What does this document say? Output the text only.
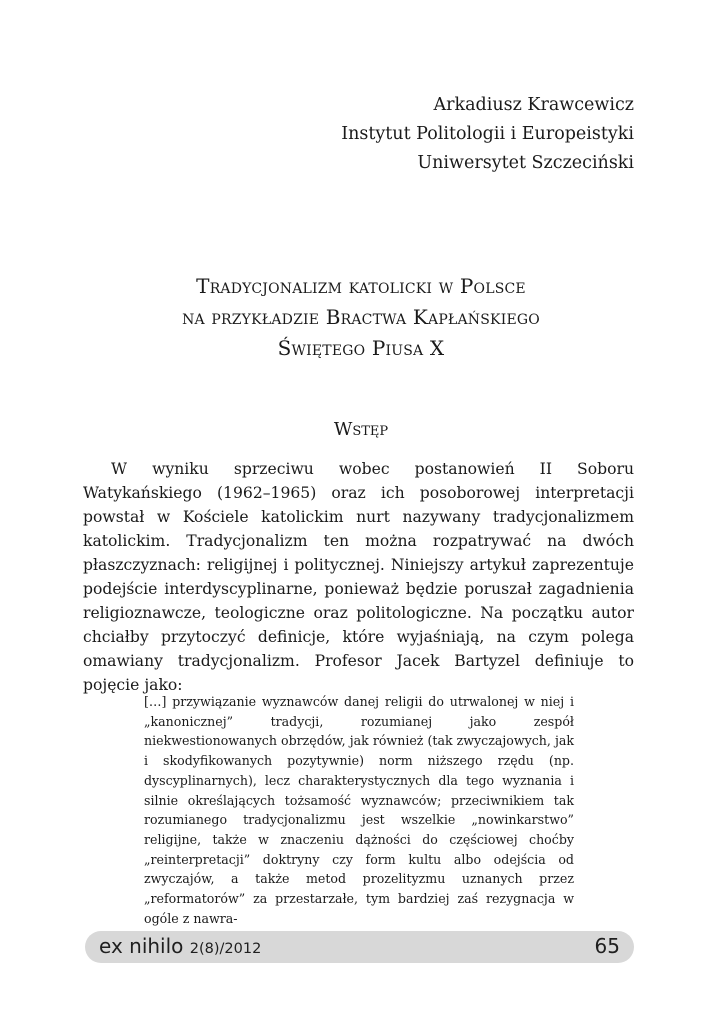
Arkadiusz Krawcewicz
Instytut Politologii i Europeistyki
Uniwersytet Szczeciński
Tradycjonalizm katolicki w Polsce
na przykładzie Bractwa Kapłańskiego
Świętego Piusa X
Wstęp

W wyniku sprzeciwu wobec postanowień II Soboru Watykańskiego (1962–1965) oraz ich posoborowej interpretacji powstał w Kościele katolickim nurt nazywany tradycjonalizmem katolickim. Tradycjonalizm ten można rozpatrywać na dwóch płaszczyznach: religijnej i politycznej. Niniejszy artykuł zaprezentuje podejście interdyscyplinarne, ponieważ będzie poruszał zagadnienia religioznawcze, teologiczne oraz politologiczne. Na początku autor chciałby przytoczyć definicje, które wyjaśniają, na czym polega omawiany tradycjonalizm. Profesor Jacek Bartyzel definiuje to pojęcie jako:

[…] przywiązanie wyznawców danej religii do utrwalonej w niej i „kanonicznej” tradycji, rozumianej jako zespół niekwestionowanych obrzędów, jak również (tak zwyczajowych, jak i skodyfikowanych pozytywnie) norm niższego rzędu (np. dyscyplinarnych), lecz charakterystycznych dla tego wyznania i silnie określających tożsamość wyznawców; przeciwnikiem tak rozumianego tradycjonalizmu jest wszelkie „nowinkarstwo” religijne, także w znaczeniu dążności do częściowej choćby „reinterpretacji” doktryny czy form kultu albo odejścia od zwyczajów, a także metod prozelityzmu uznanych przez „reformatorów” za przestarzałe, tym bardziej zaś rezygnacja w ogóle z nawra-

ex nihilo 2(8)/2012	65
